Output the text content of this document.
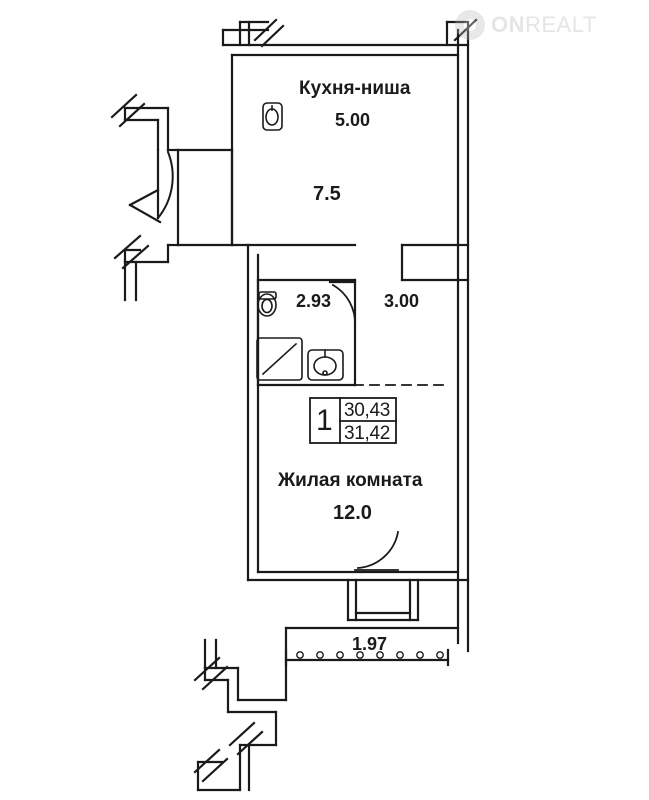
ONREALT
Кухня-ниша
5.00
7.5
2.93	3.00
1 30,43
31,42
Жилая комната
12.0
1.97
